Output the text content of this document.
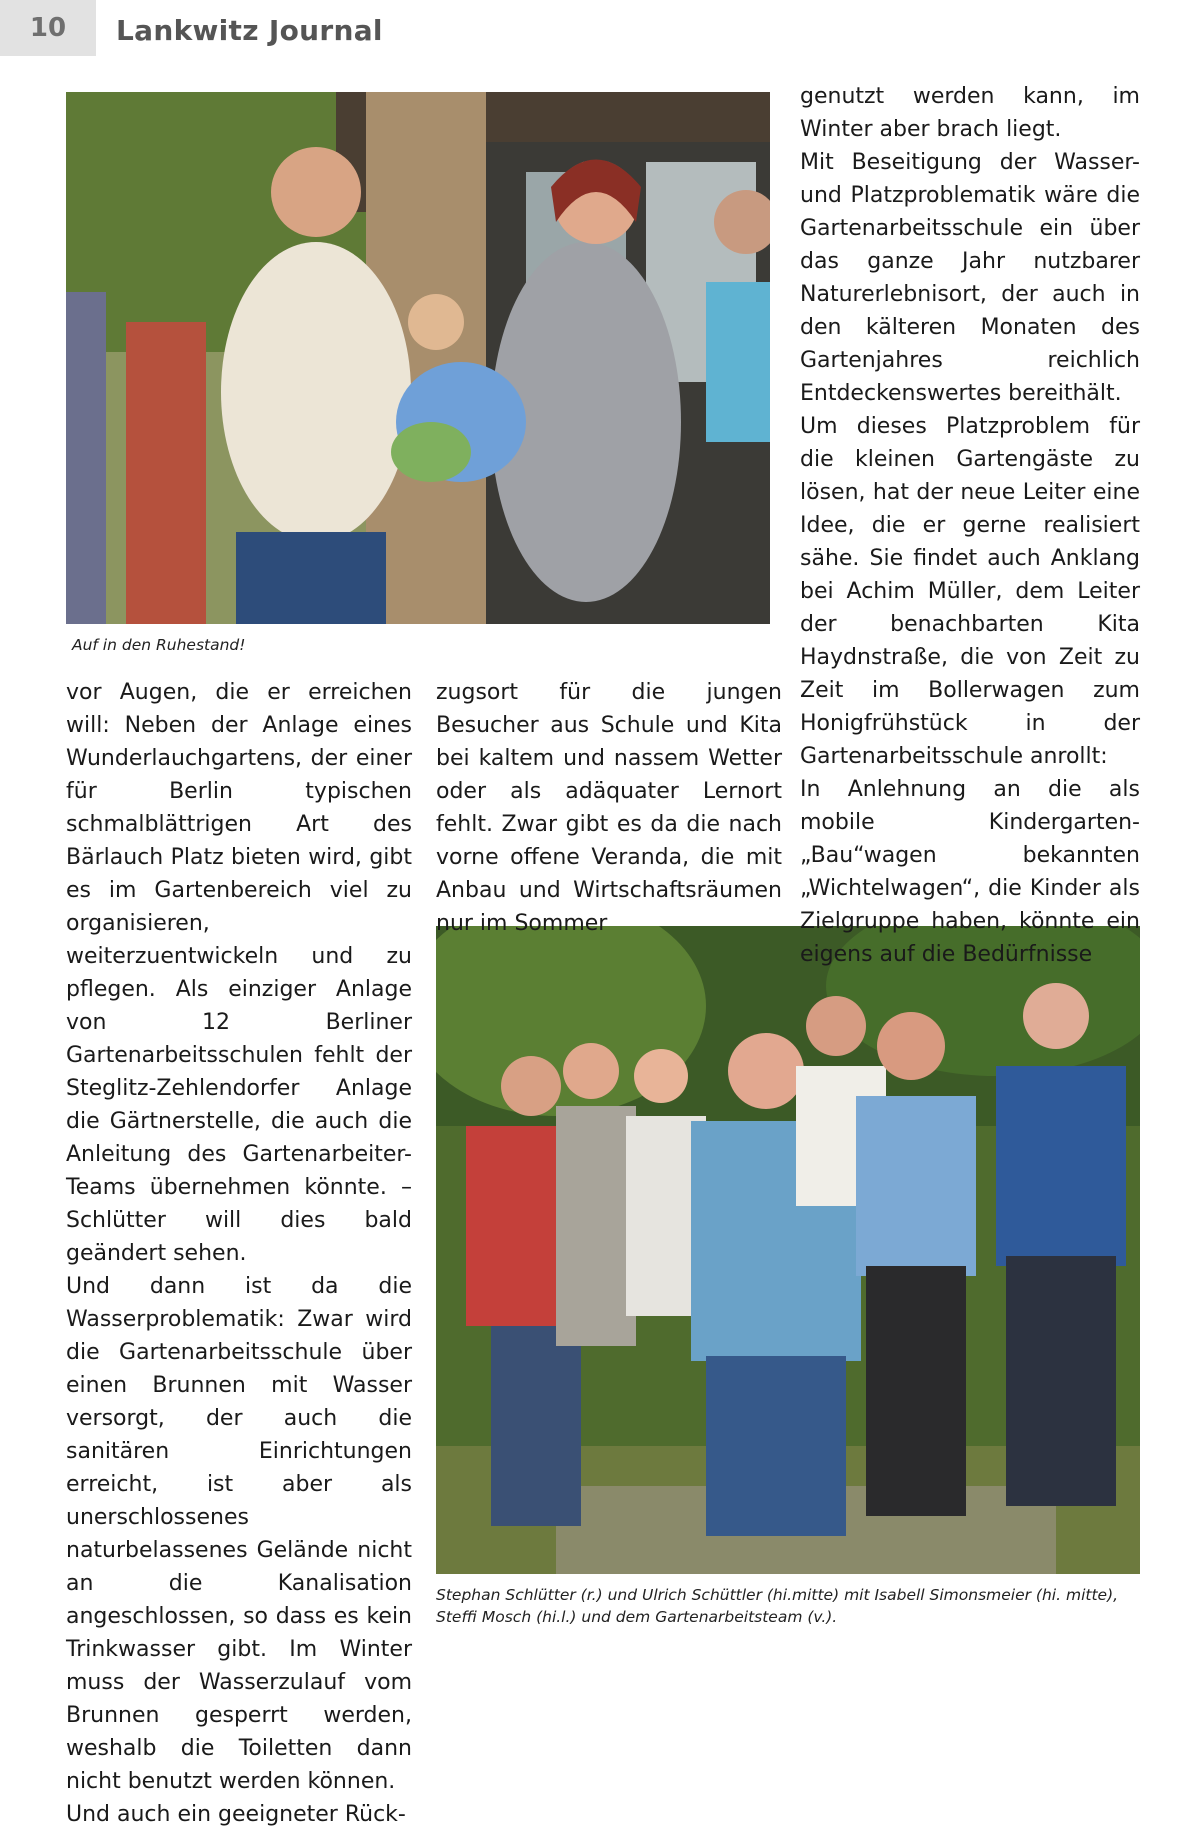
10	Lankwitz Journal
Auf in den Ruhestand!
Stephan Schlütter (r.) und Ulrich Schüttler (hi.mitte) mit Isabell Simonsmeier (hi. mitte), Steffi Mosch (hi.l.) und dem Gartenarbeitsteam (v.).

vor Augen, die er erreichen will: Neben der Anlage eines Wunderlauchgartens, der einer für Berlin typischen schmalblättrigen Art des Bärlauch Platz bieten wird, gibt es im Gartenbereich viel zu organisieren, weiterzuentwickeln und zu pflegen. Als einziger Anlage von 12 Berliner Gartenarbeitsschulen fehlt der Steglitz-Zehlendorfer Anlage die Gärtnerstelle, die auch die Anleitung des Gartenarbeiter-Teams übernehmen könnte. – Schlütter will dies bald geändert sehen.

Und dann ist da die Wasserproblematik: Zwar wird die Gartenarbeitsschule über einen Brunnen mit Wasser versorgt, der auch die sanitären Einrichtungen erreicht, ist aber als unerschlossenes naturbelassenes Gelände nicht an die Kanalisation angeschlossen, so dass es kein Trinkwasser gibt. Im Winter muss der Wasserzulauf vom Brunnen gesperrt werden, weshalb die Toiletten dann nicht benutzt werden können.

Und auch ein geeigneter Rück-

zugsort für die jungen Besucher aus Schule und Kita bei kaltem und nassem Wetter oder als adäquater Lernort fehlt. Zwar gibt es da die nach vorne offene Veranda, die mit Anbau und Wirtschaftsräumen nur im Sommer

genutzt werden kann, im Winter aber brach liegt.

Mit Beseitigung der Wasser- und Platzproblematik wäre die Gartenarbeitsschule ein über das ganze Jahr nutzbarer Naturerlebnisort, der auch in den kälteren Monaten des Gartenjahres reichlich Entdeckenswertes bereithält.

Um dieses Platzproblem für die kleinen Gartengäste zu lösen, hat der neue Leiter eine Idee, die er gerne realisiert sähe. Sie findet auch Anklang bei Achim Müller, dem Leiter der benachbarten Kita Haydnstraße, die von Zeit zu Zeit im Bollerwagen zum Honigfrühstück in der Gartenarbeitsschule anrollt:

In Anlehnung an die als mobile Kindergarten-„Bau“wagen bekannten „Wichtelwagen“, die Kinder als Zielgruppe haben, könnte ein eigens auf die Bedürfnisse
